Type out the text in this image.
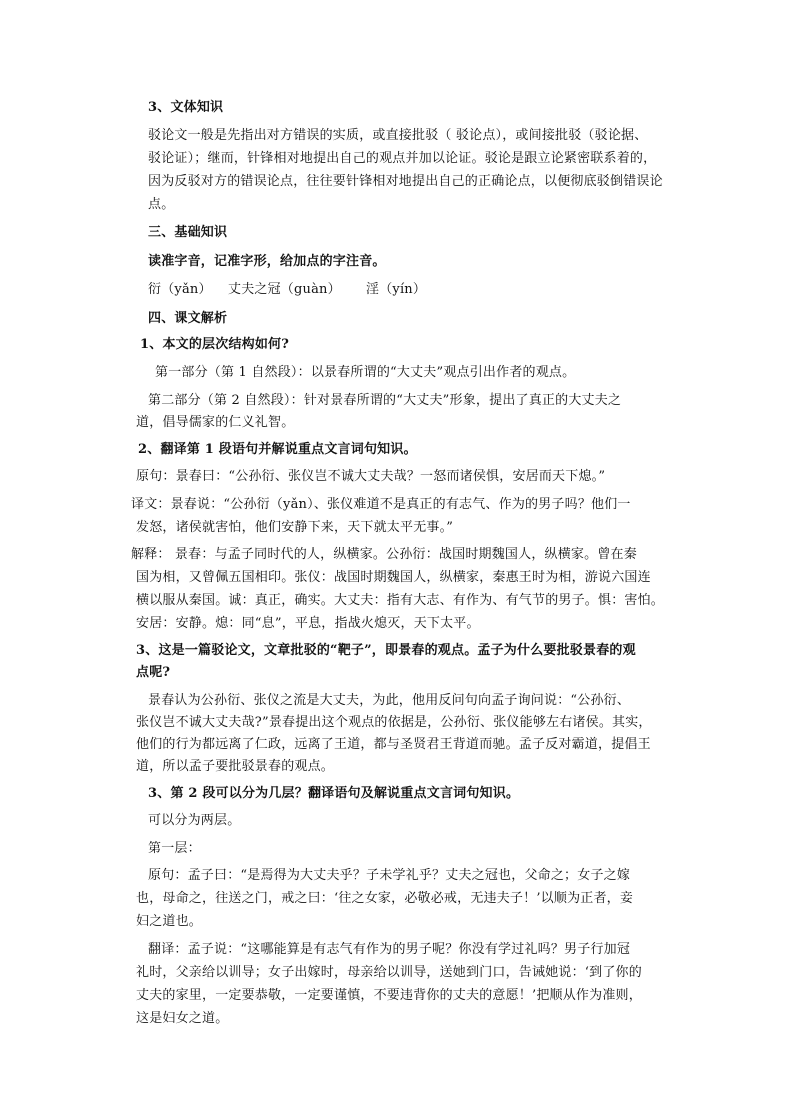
3、文体知识
驳论文一般是先指出对方错误的实质，或直接批驳（ 驳论点），或间接批驳（驳论据、
驳论证）；继而，针锋相对地提出自己的观点并加以论证。驳论是跟立论紧密联系着的，
因为反驳对方的错误论点，往往要针锋相对地提出自己的正确论点，以便彻底驳倒错误论
点。
三、基础知识
读准字音，记准字形，给加点的字注音。
衍（yǎn） 丈夫之冠（guàn） 淫（yín）
四、课文解析
1、本文的层次结构如何?
第一部分（第 1 自然段）：以景春所谓的“大丈夫”观点引出作者的观点。
第二部分（第 2 自然段）：针对景春所谓的“大丈夫”形象，提出了真正的大丈夫之
道，倡导儒家的仁义礼智。
2、翻译第 1 段语句并解说重点文言词句知识。
原句：景春曰：“公孙衍、张仪岂不诚大丈夫哉？一怒而诸侯惧，安居而天下熄。”
译文：景春说：“公孙衍（yǎn）、张仪难道不是真正的有志气、作为的男子吗？他们一
发怒，诸侯就害怕，他们安静下来，天下就太平无事。”
解释： 景春：与孟子同时代的人，纵横家。公孙衍：战国时期魏国人，纵横家。曾在秦
国为相，又曾佩五国相印。张仪：战国时期魏国人，纵横家，秦惠王时为相，游说六国连
横以服从秦国。诚：真正，确实。大丈夫：指有大志、有作为、有气节的男子。惧：害怕。
安居：安静。熄：同“息”，平息，指战火熄灭，天下太平。
3、这是一篇驳论文，文章批驳的“靶子”，即景春的观点。孟子为什么要批驳景春的观
点呢?
景春认为公孙衍、张仪之流是大丈夫，为此，他用反问句向孟子询问说：“公孙衍、
张仪岂不诚大丈夫哉?”景春提出这个观点的依据是，公孙衍、张仪能够左右诸侯。其实，
他们的行为都远离了仁政，远离了王道，都与圣贤君王背道而驰。孟子反对霸道，提倡王
道，所以孟子要批驳景春的观点。
3、第 2 段可以分为几层？翻译语句及解说重点文言词句知识。
可以分为两层。
第一层：
原句：孟子曰：“是焉得为大丈夫乎？子未学礼乎？丈夫之冠也，父命之；女子之嫁
也，母命之，往送之门，戒之曰：‘往之女家，必敬必戒，无违夫子！’以顺为正者，妾
妇之道也。
翻译：孟子说：“这哪能算是有志气有作为的男子呢？你没有学过礼吗？男子行加冠
礼时，父亲给以训导；女子出嫁时，母亲给以训导，送她到门口，告诫她说：‘到了你的
丈夫的家里，一定要恭敬，一定要谨慎，不要违背你的丈夫的意愿！’把顺从作为准则，
这是妇女之道。
